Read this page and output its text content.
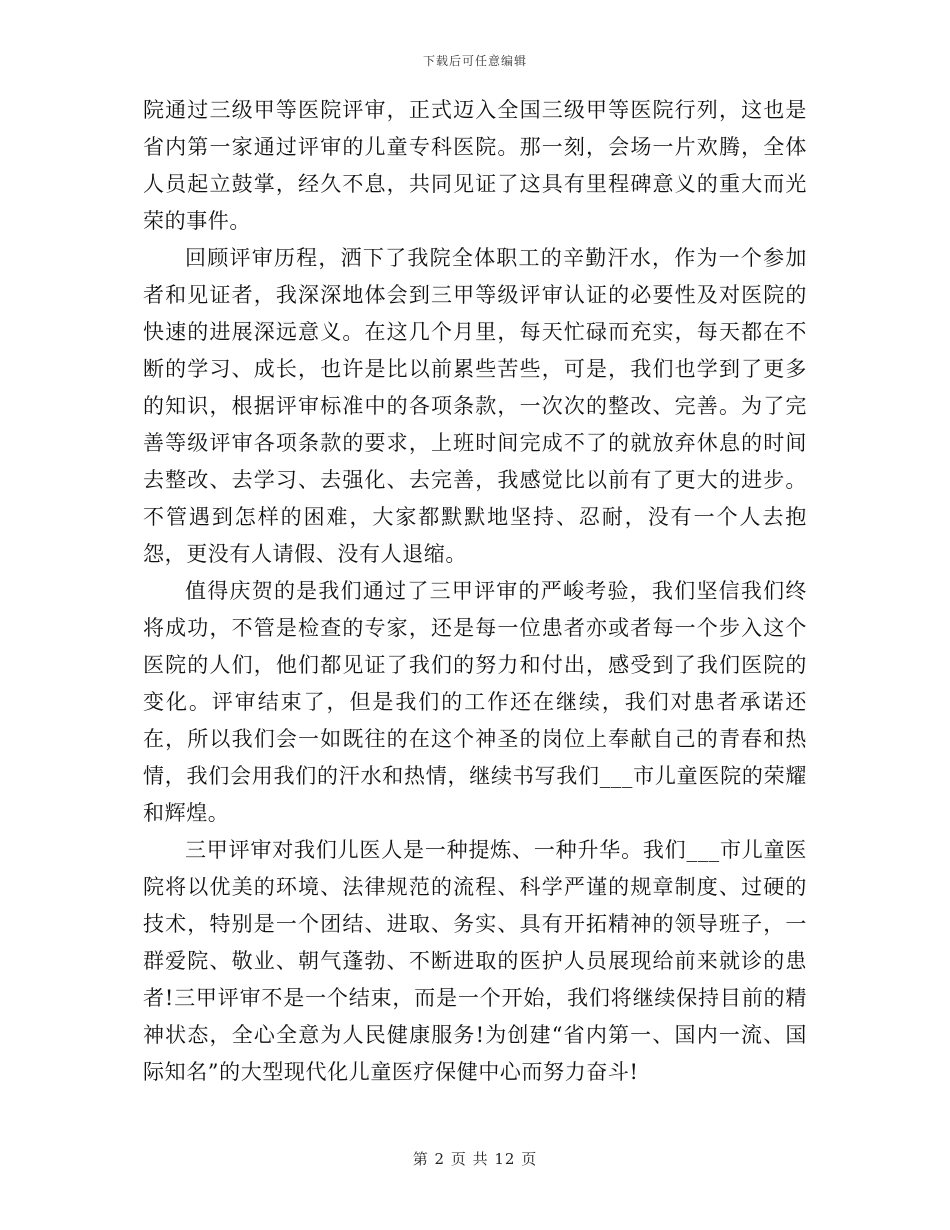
下载后可任意编辑

院通过三级甲等医院评审，正式迈入全国三级甲等医院行列，这也是省内第一家通过评审的儿童专科医院。那一刻，会场一片欢腾，全体人员起立鼓掌，经久不息，共同见证了这具有里程碑意义的重大而光荣的事件。

回顾评审历程，洒下了我院全体职工的辛勤汗水，作为一个参加者和见证者，我深深地体会到三甲等级评审认证的必要性及对医院的快速的进展深远意义。在这几个月里，每天忙碌而充实，每天都在不断的学习、成长，也许是比以前累些苦些，可是，我们也学到了更多的知识，根据评审标准中的各项条款，一次次的整改、完善。为了完善等级评审各项条款的要求，上班时间完成不了的就放弃休息的时间去整改、去学习、去强化、去完善，我感觉比以前有了更大的进步。不管遇到怎样的困难，大家都默默地坚持、忍耐，没有一个人去抱怨，更没有人请假、没有人退缩。

值得庆贺的是我们通过了三甲评审的严峻考验，我们坚信我们终将成功，不管是检查的专家，还是每一位患者亦或者每一个步入这个医院的人们，他们都见证了我们的努力和付出，感受到了我们医院的变化。评审结束了，但是我们的工作还在继续，我们对患者承诺还在，所以我们会一如既往的在这个神圣的岗位上奉献自己的青春和热情，我们会用我们的汗水和热情，继续书写我们___市儿童医院的荣耀和辉煌。

三甲评审对我们儿医人是一种提炼、一种升华。我们___市儿童医院将以优美的环境、法律规范的流程、科学严谨的规章制度、过硬的技术，特别是一个团结、进取、务实、具有开拓精神的领导班子，一群爱院、敬业、朝气蓬勃、不断进取的医护人员展现给前来就诊的患者!三甲评审不是一个结束，而是一个开始，我们将继续保持目前的精神状态，全心全意为人民健康服务!为创建“省内第一、国内一流、国际知名”的大型现代化儿童医疗保健中心而努力奋斗!

第 2 页 共 12 页
